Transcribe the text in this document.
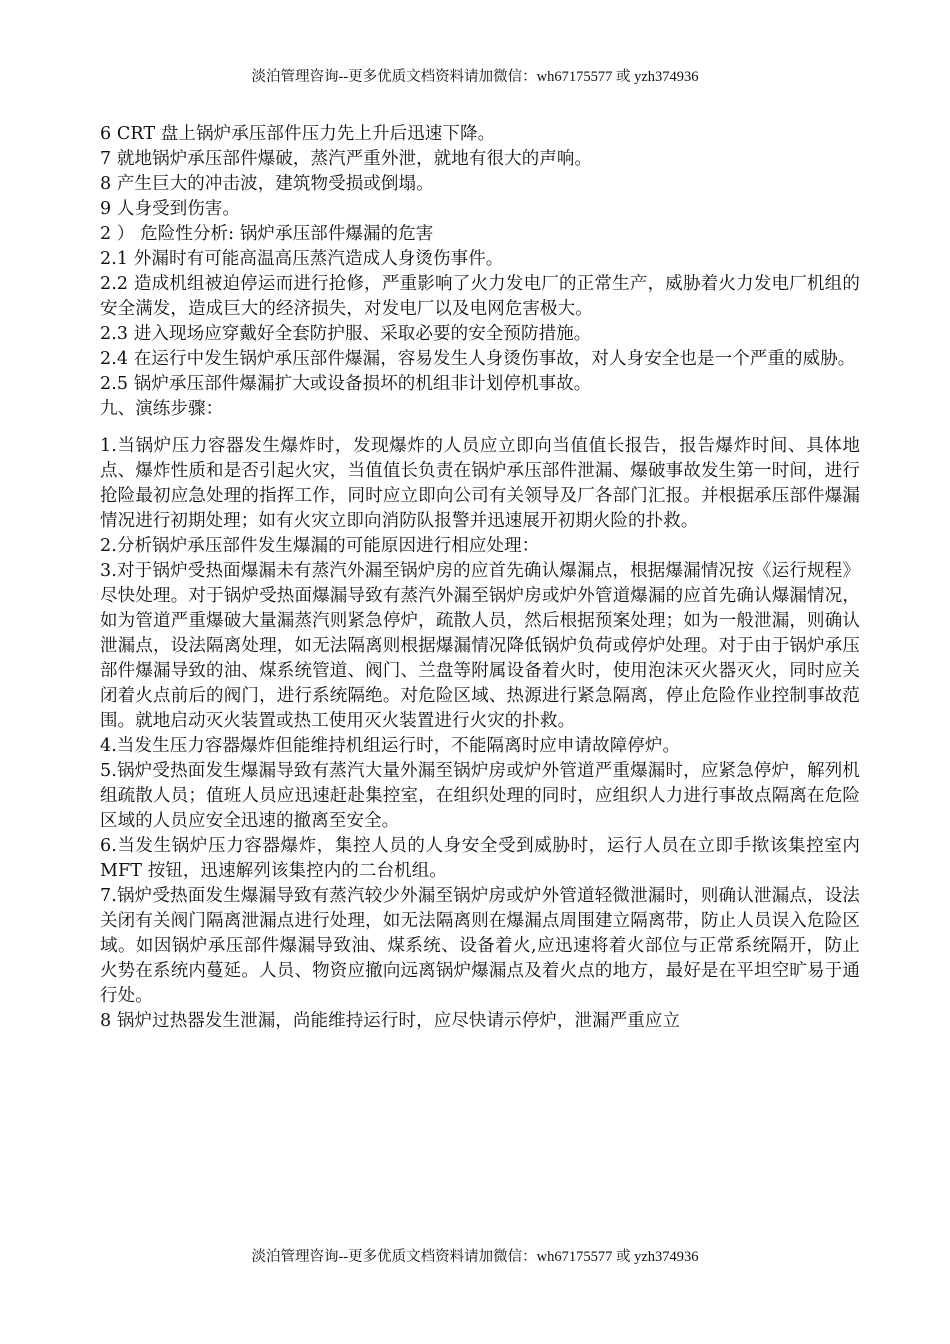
淡泊管理咨询--更多优质文档资料请加微信：wh67175577 或 yzh374936

6 CRT 盘上锅炉承压部件压力先上升后迅速下降。

7 就地锅炉承压部件爆破，蒸汽严重外泄，就地有很大的声响。

8 产生巨大的冲击波，建筑物受损或倒塌。

9 人身受到伤害。

2 ） 危险性分析: 锅炉承压部件爆漏的危害

2.1 外漏时有可能高温高压蒸汽造成人身烫伤事件。

2.2 造成机组被迫停运而进行抢修，严重影响了火力发电厂的正常生产，威胁着火力发电厂机组的安全满发，造成巨大的经济损失，对发电厂以及电网危害极大。

2.3 进入现场应穿戴好全套防护服、采取必要的安全预防措施。

2.4 在运行中发生锅炉承压部件爆漏，容易发生人身烫伤事故，对人身安全也是一个严重的威胁。

2.5 锅炉承压部件爆漏扩大或设备损坏的机组非计划停机事故。

九、演练步骤：

1.当锅炉压力容器发生爆炸时，发现爆炸的人员应立即向当值值长报告，报告爆炸时间、具体地点、爆炸性质和是否引起火灾，当值值长负责在锅炉承压部件泄漏、爆破事故发生第一时间，进行抢险最初应急处理的指挥工作，同时应立即向公司有关领导及厂各部门汇报。并根据承压部件爆漏情况进行初期处理；如有火灾立即向消防队报警并迅速展开初期火险的扑救。

2.分析锅炉承压部件发生爆漏的可能原因进行相应处理：

3.对于锅炉受热面爆漏未有蒸汽外漏至锅炉房的应首先确认爆漏点，根据爆漏情况按《运行规程》尽快处理。对于锅炉受热面爆漏导致有蒸汽外漏至锅炉房或炉外管道爆漏的应首先确认爆漏情况，如为管道严重爆破大量漏蒸汽则紧急停炉，疏散人员，然后根据预案处理；如为一般泄漏，则确认泄漏点，设法隔离处理，如无法隔离则根据爆漏情况降低锅炉负荷或停炉处理。对于由于锅炉承压部件爆漏导致的油、煤系统管道、阀门、兰盘等附属设备着火时，使用泡沫灭火器灭火，同时应关闭着火点前后的阀门，进行系统隔绝。对危险区域、热源进行紧急隔离，停止危险作业控制事故范围。就地启动灭火装置或热工使用灭火装置进行火灾的扑救。

4.当发生压力容器爆炸但能维持机组运行时，不能隔离时应申请故障停炉。

5.锅炉受热面发生爆漏导致有蒸汽大量外漏至锅炉房或炉外管道严重爆漏时，应紧急停炉，解列机组疏散人员；值班人员应迅速赶赴集控室，在组织处理的同时，应组织人力进行事故点隔离在危险区域的人员应安全迅速的撤离至安全。

6.当发生锅炉压力容器爆炸，集控人员的人身安全受到威胁时，运行人员在立即手揿该集控室内 MFT 按钮，迅速解列该集控内的二台机组。

7.锅炉受热面发生爆漏导致有蒸汽较少外漏至锅炉房或炉外管道轻微泄漏时，则确认泄漏点，设法关闭有关阀门隔离泄漏点进行处理，如无法隔离则在爆漏点周围建立隔离带，防止人员误入危险区域。如因锅炉承压部件爆漏导致油、煤系统、设备着火,应迅速将着火部位与正常系统隔开，防止火势在系统内蔓延。人员、物资应撤向远离锅炉爆漏点及着火点的地方，最好是在平坦空旷易于通行处。

8 锅炉过热器发生泄漏，尚能维持运行时，应尽快请示停炉，泄漏严重应立

淡泊管理咨询--更多优质文档资料请加微信：wh67175577 或 yzh374936
